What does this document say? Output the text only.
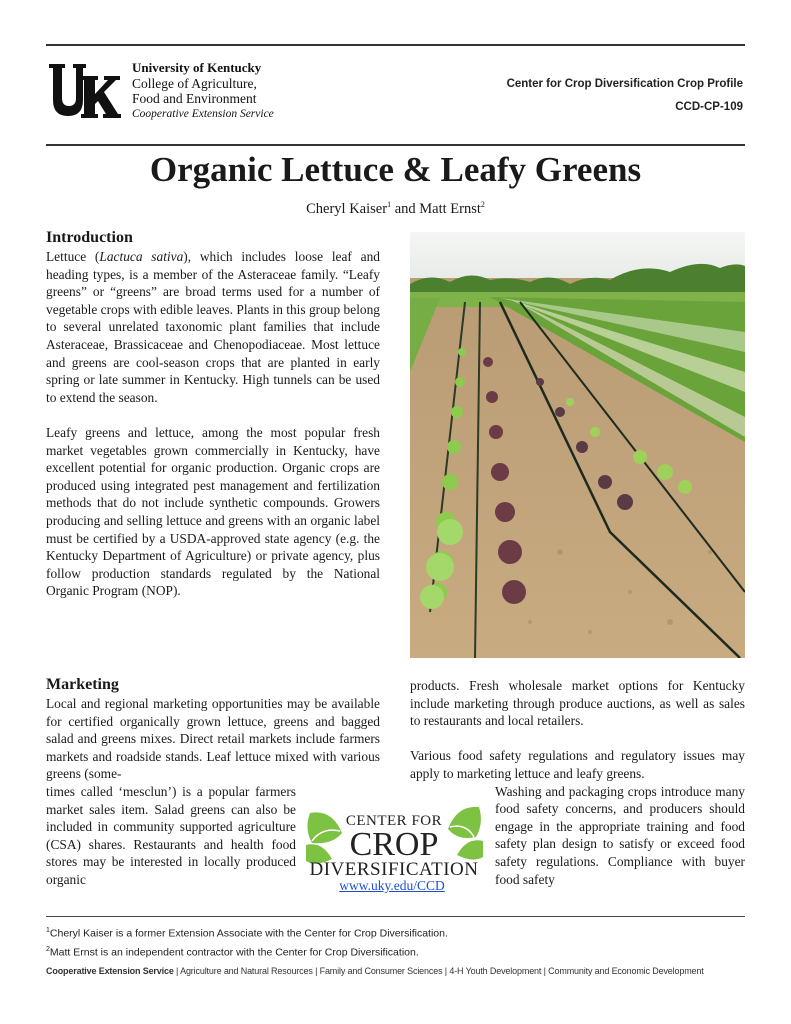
University of Kentucky
College of Agriculture,
Food and Environment
Cooperative Extension Service
Center for Crop Diversification Crop Profile
CCD-CP-109
Organic Lettuce & Leafy Greens
Cheryl Kaiser$^1$ and Matt Ernst$^2$
Introduction

Lettuce (Lactuca sativa), which includes loose leaf and heading types, is a member of the Asteraceae family. “Leafy greens” or “greens” are broad terms used for a number of vegetable crops with edible leaves. Plants in this group belong to several unrelated taxonomic plant families that include Asteraceae, Brassicaceae and Chenopodiaceae. Most lettuce and greens are cool-season crops that are planted in early spring or late summer in Kentucky. High tunnels can be used to extend the season.

Leafy greens and lettuce, among the most popular fresh market vegetables grown commercially in Kentucky, have excellent potential for organic production. Organic crops are produced using integrated pest management and fertilization methods that do not include synthetic compounds. Growers producing and selling lettuce and greens with an organic label must be certified by a USDA-approved state agency (e.g. the Kentucky Department of Agriculture) or private agency, plus follow production standards regulated by the National Organic Program (NOP).

Marketing

Local and regional marketing opportunities may be available for certified organically grown lettuce, greens and bagged salad and greens mixes. Direct retail markets include farmers markets and roadside stands. Leaf lettuce mixed with various greens (some-

times called ‘mesclun’) is a popular farmers market sales item. Salad greens can also be included in community supported agriculture (CSA) shares. Restaurants and health food stores may be interested in locally produced organic

products. Fresh wholesale market options for Kentucky include marketing through produce auctions, as well as sales to restaurants and local retailers.

Various food safety regulations and regulatory issues may apply to marketing lettuce and leafy greens.

Washing and packaging crops introduce many food safety concerns, and producers should engage in the appropriate training and food safety plan design to satisfy or exceed food safety regulations. Compliance with buyer food safety

CENTER FOR
CROP
DIVERSIFICATION
www.uky.edu/CCD
$^1$Cheryl Kaiser is a former Extension Associate with the Center for Crop Diversification.
$^2$Matt Ernst is an independent contractor with the Center for Crop Diversification.
Cooperative Extension Service | Agriculture and Natural Resources | Family and Consumer Sciences | 4-H Youth Development | Community and Economic Development
